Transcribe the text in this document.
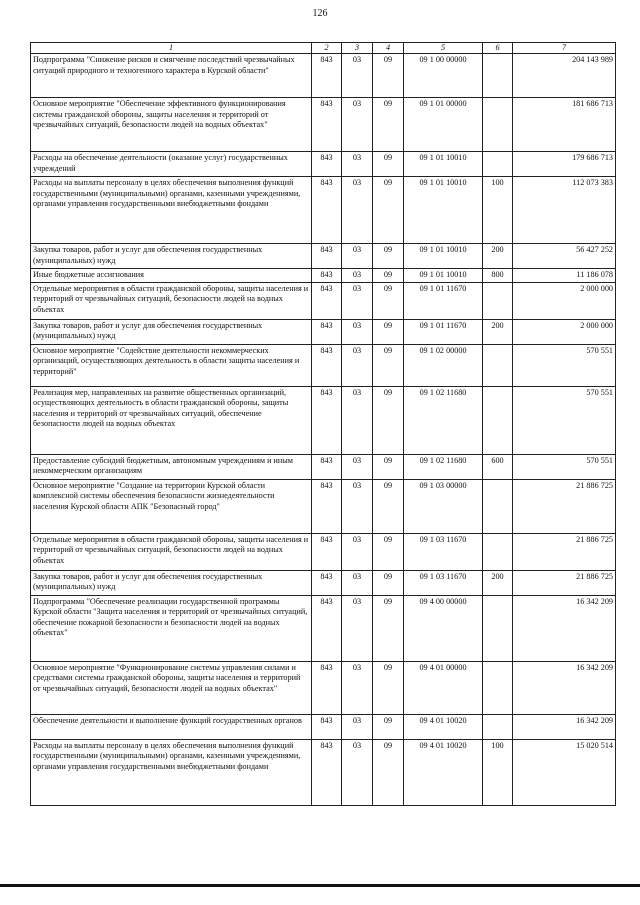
126
1	2	3	4	5	6	7
Подпрограмма "Снижение рисков и смягчение последствий чрезвычайных ситуаций природного и техногенного характера в Курской области"	843	03	09	09 1 00 00000		204 143 989
Основное мероприятие "Обеспечение эффективного функционирования системы гражданской обороны, защиты населения и территорий от чрезвычайных ситуаций, безопасности людей на водных объектах"	843	03	09	09 1 01 00000		181 686 713
Расходы на обеспечение деятельности (оказание услуг) государственных учреждений	843	03	09	09 1 01 10010		179 686 713
Расходы на выплаты персоналу в целях обеспечения выполнения функций государственными (муниципальными) органами, казенными учреждениями, органами управления государственными внебюджетными фондами	843	03	09	09 1 01 10010	100	112 073 383
Закупка товаров, работ и услуг для обеспечения государственных (муниципальных) нужд	843	03	09	09 1 01 10010	200	56 427 252
Иные бюджетные ассигнования	843	03	09	09 1 01 10010	800	11 186 078
Отдельные мероприятия в области гражданской обороны, защиты населения и территорий от чрезвычайных ситуаций, безопасности людей на водных объектах	843	03	09	09 1 01 11670		2 000 000
Закупка товаров, работ и услуг для обеспечения государственных (муниципальных) нужд	843	03	09	09 1 01 11670	200	2 000 000
Основное мероприятие "Содействие деятельности некоммерческих организаций, осуществляющих деятельность в области защиты населения и территорий"	843	03	09	09 1 02 00000		570 551
Реализация мер, направленных на развитие общественных организаций, осуществляющих деятельность в области гражданской обороны, защиты населения и территорий от чрезвычайных ситуаций, обеспечение безопасности людей на водных объектах	843	03	09	09 1 02 11680		570 551
Предоставление субсидий бюджетным, автономным учреждениям и иным некоммерческим организациям	843	03	09	09 1 02 11680	600	570 551
Основное мероприятие "Создание на территории Курской области комплексной системы обеспечения безопасности жизнедеятельности населения Курской области АПК "Безопасный город"	843	03	09	09 1 03 00000		21 886 725
Отдельные мероприятия в области гражданской обороны, защиты населения и территорий от чрезвычайных ситуаций, безопасности людей на водных объектах	843	03	09	09 1 03 11670		21 886 725
Закупка товаров, работ и услуг для обеспечения государственных (муниципальных) нужд	843	03	09	09 1 03 11670	200	21 886 725
Подпрограмма "Обеспечение реализации государственной программы Курской области "Защита населения и территорий от чрезвычайных ситуаций, обеспечение пожарной безопасности и безопасности людей на водных объектах"	843	03	09	09 4 00 00000		16 342 209
Основное мероприятие "Функционирование системы управления силами и средствами системы гражданской обороны, защиты населения и территорий от чрезвычайных ситуаций, безопасности людей на водных объектах"	843	03	09	09 4 01 00000		16 342 209
Обеспечение деятельности и выполнение функций государственных органов	843	03	09	09 4 01 10020		16 342 209
Расходы на выплаты персоналу в целях обеспечения выполнения функций государственными (муниципальными) органами, казенными учреждениями, органами управления государственными внебюджетными фондами	843	03	09	09 4 01 10020	100	15 020 514
